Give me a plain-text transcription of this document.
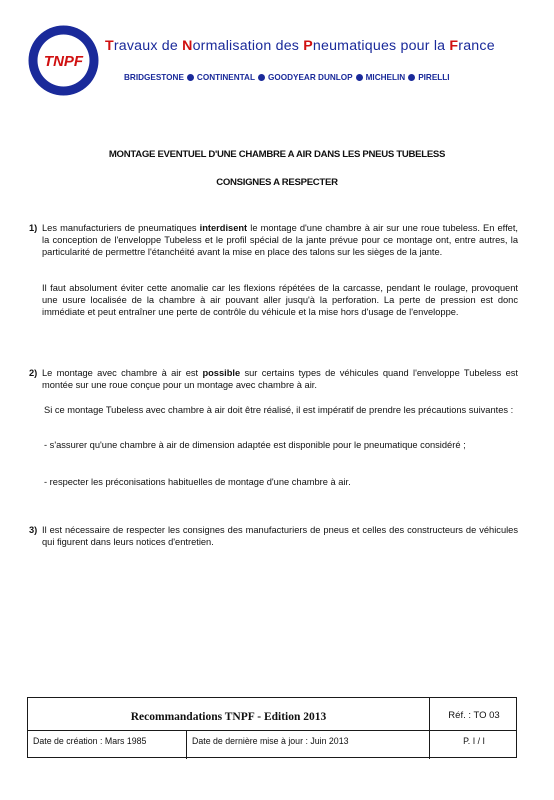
TNPF
Travaux de Normalisation des Pneumatiques pour la France
BRIDGESTONE CONTINENTAL GOODYEAR DUNLOP MICHELIN PIRELLI
MONTAGE EVENTUEL D'UNE CHAMBRE A AIR DANS LES PNEUS TUBELESS
CONSIGNES A RESPECTER
1) Les manufacturiers de pneumatiques interdisent le montage d'une chambre à air sur une roue tubeless. En effet, la conception de l'enveloppe Tubeless et le profil spécial de la jante prévue pour ce montage ont, entre autres, la particularité de permettre l'étanchéité avant la mise en place des talons sur les sièges de la jante.

Il faut absolument éviter cette anomalie car les flexions répétées de la carcasse, pendant le roulage, provoquent une usure localisée de la chambre à air pouvant aller jusqu'à la perforation. La perte de pression est donc immédiate et peut entraîner une perte de contrôle du véhicule et la mise hors d'usage de l'enveloppe.

2) Le montage avec chambre à air est possible sur certains types de véhicules quand l'enveloppe Tubeless est montée sur une roue conçue pour un montage avec chambre à air.

Si ce montage Tubeless avec chambre à air doit être réalisé, il est impératif de prendre les précautions suivantes :

- s'assurer qu'une chambre à air de dimension adaptée est disponible pour le pneumatique considéré ;

- respecter les préconisations habituelles de montage d'une chambre à air.

3) Il est nécessaire de respecter les consignes des manufacturiers de pneus et celles des constructeurs de véhicules qui figurent dans leurs notices d'entretien.

Recommandations TNPF - Edition 2013	Réf. : TO 03
Date de création : Mars 1985	Date de dernière mise à jour : Juin 2013	P. I / I
